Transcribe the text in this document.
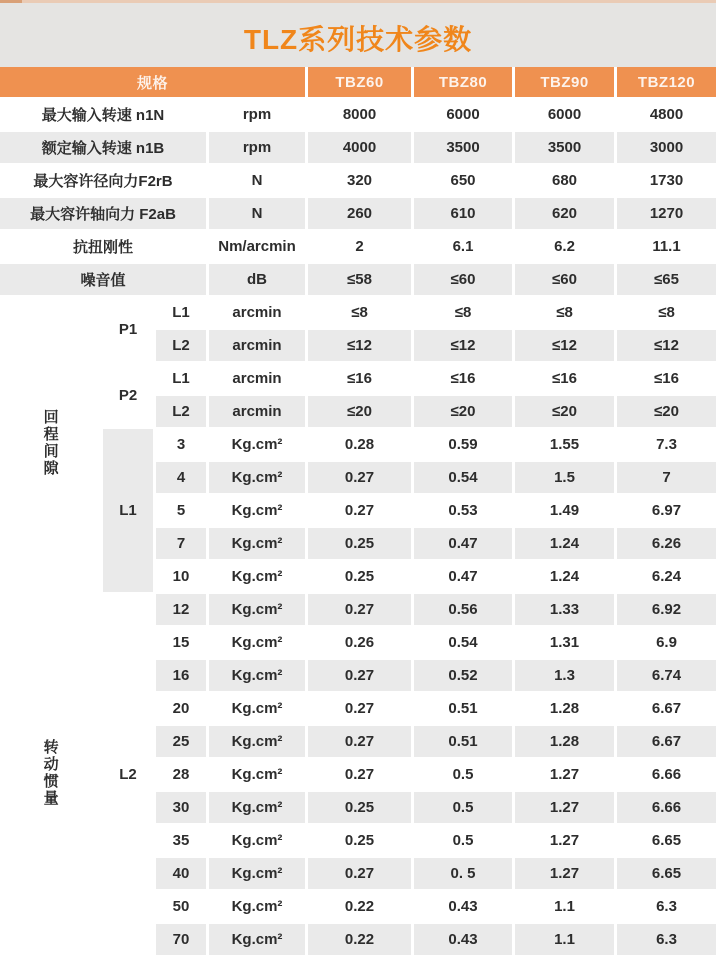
TLZ系列技术参数
规格				TBZ60	TBZ80	TBZ90	TBZ120
最大输入转速 n1N			rpm	8000	6000	6000	4800
额定输入转速 n1B			rpm	4000	3500	3500	3000
最大容许径向力F2rB			N	320	650	680	1730
最大容许轴向力 F2aB			N	260	610	620	1270
抗扭刚性			Nm/arcmin	2	6.1	6.2	11.1
噪音值			dB	≤58	≤60	≤60	≤65
回程间隙	P1	L1	arcmin	≤8	≤8	≤8	≤8
		L2	arcmin	≤12	≤12	≤12	≤12
	P2	L1	arcmin	≤16	≤16	≤16	≤16
		L2	arcmin	≤20	≤20	≤20	≤20
	L1	3	Kg.cm²	0.28	0.59	1.55	7.3
		4	Kg.cm²	0.27	0.54	1.5	7
		5	Kg.cm²	0.27	0.53	1.49	6.97
		7	Kg.cm²	0.25	0.47	1.24	6.26
		10	Kg.cm²	0.25	0.47	1.24	6.24
转动惯量	L2	12	Kg.cm²	0.27	0.56	1.33	6.92
		15	Kg.cm²	0.26	0.54	1.31	6.9
		16	Kg.cm²	0.27	0.52	1.3	6.74
		20	Kg.cm²	0.27	0.51	1.28	6.67
		25	Kg.cm²	0.27	0.51	1.28	6.67
		28	Kg.cm²	0.27	0.5	1.27	6.66
		30	Kg.cm²	0.25	0.5	1.27	6.66
		35	Kg.cm²	0.25	0.5	1.27	6.65
		40	Kg.cm²	0.27	0. 5	1.27	6.65
		50	Kg.cm²	0.22	0.43	1.1	6.3
		70	Kg.cm²	0.22	0.43	1.1	6.3
